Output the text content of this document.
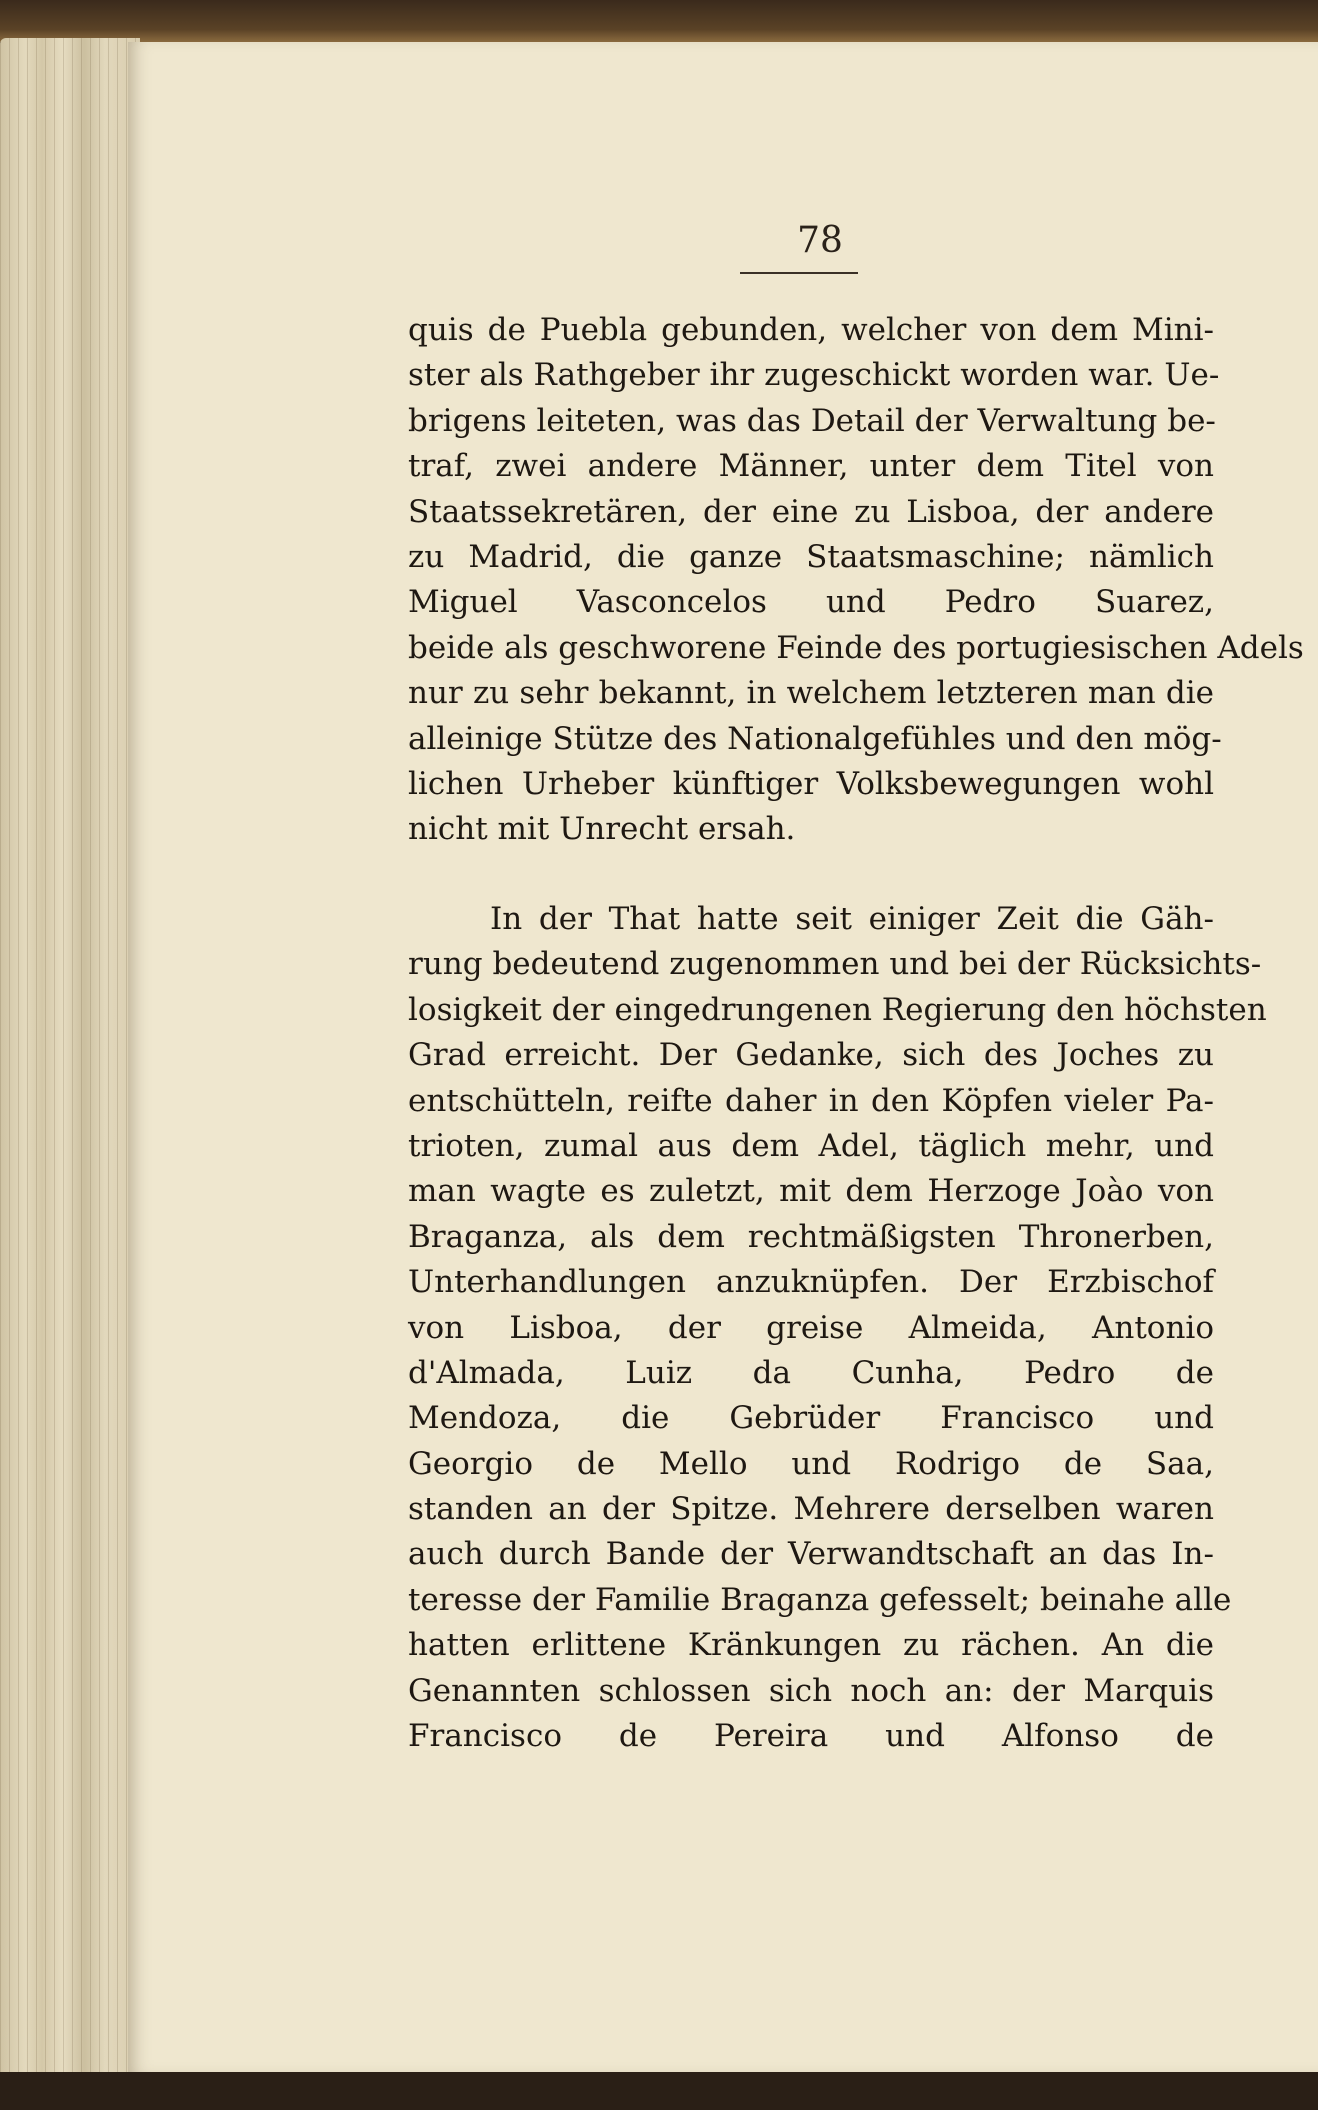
78
quis de Puebla gebunden, welcher von dem Mini-
ster als Rathgeber ihr zugeschickt worden war. Ue-
brigens leiteten, was das Detail der Verwaltung be-
traf, zwei andere Männer, unter dem Titel von
Staatssekretären, der eine zu Lisboa, der andere
zu Madrid, die ganze Staatsmaschine; nämlich
Miguel Vasconcelos und Pedro Suarez,
beide als geschworene Feinde des portugiesischen Adels
nur zu sehr bekannt, in welchem letzteren man die
alleinige Stütze des Nationalgefühles und den mög-
lichen Urheber künftiger Volksbewegungen wohl
nicht mit Unrecht ersah.
In der That hatte seit einiger Zeit die Gäh-
rung bedeutend zugenommen und bei der Rücksichts-
losigkeit der eingedrungenen Regierung den höchsten
Grad erreicht. Der Gedanke, sich des Joches zu
entschütteln, reifte daher in den Köpfen vieler Pa-
trioten, zumal aus dem Adel, täglich mehr, und
man wagte es zuletzt, mit dem Herzoge Joào von
Braganza, als dem rechtmäßigsten Thronerben,
Unterhandlungen anzuknüpfen. Der Erzbischof
von Lisboa, der greise Almeida, Antonio
d'Almada, Luiz da Cunha, Pedro de
Mendoza, die Gebrüder Francisco und
Georgio de Mello und Rodrigo de Saa,
standen an der Spitze. Mehrere derselben waren
auch durch Bande der Verwandtschaft an das In-
teresse der Familie Braganza gefesselt; beinahe alle
hatten erlittene Kränkungen zu rächen. An die
Genannten schlossen sich noch an: der Marquis
Francisco de Pereira und Alfonso de
